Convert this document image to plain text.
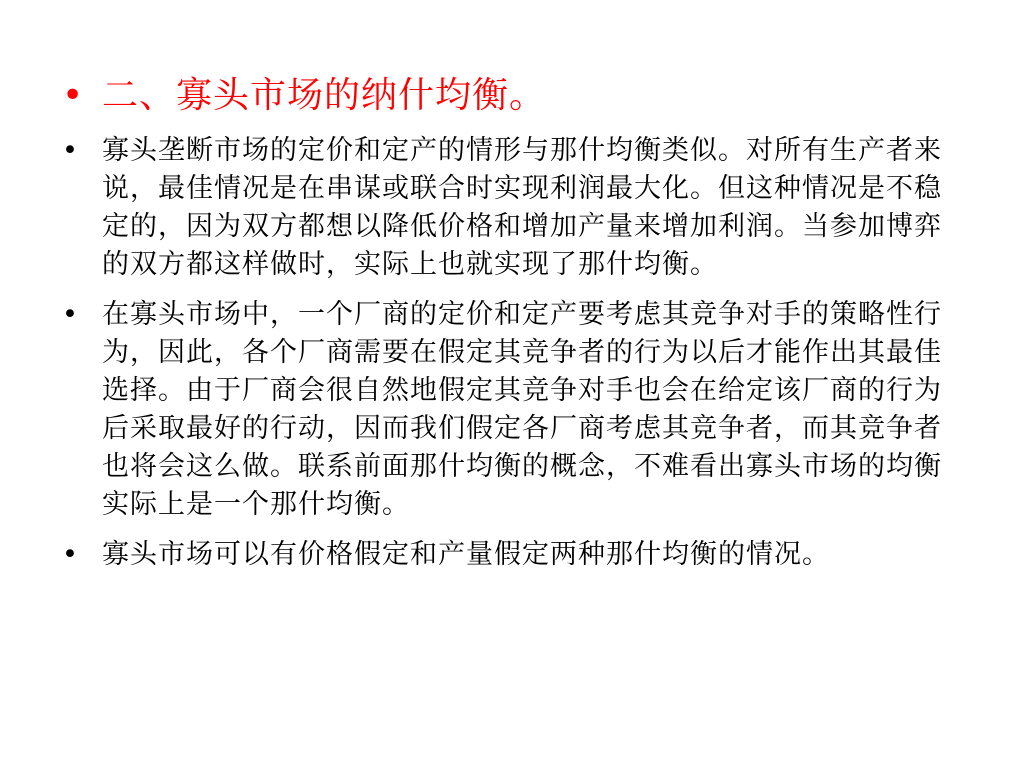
• 二、寡头市场的纳什均衡。
• 寡头垄断市场的定价和定产的情形与那什均衡类似。对所有生产者来说，最佳情况是在串谋或联合时实现利润最大化。但这种情况是不稳定的，因为双方都想以降低价格和增加产量来增加利润。当参加博弈的双方都这样做时，实际上也就实现了那什均衡。
• 在寡头市场中，一个厂商的定价和定产要考虑其竞争对手的策略性行为，因此，各个厂商需要在假定其竞争者的行为以后才能作出其最佳选择。由于厂商会很自然地假定其竞争对手也会在给定该厂商的行为后采取最好的行动，因而我们假定各厂商考虑其竞争者，而其竞争者也将会这么做。联系前面那什均衡的概念，不难看出寡头市场的均衡实际上是一个那什均衡。
• 寡头市场可以有价格假定和产量假定两种那什均衡的情况。
